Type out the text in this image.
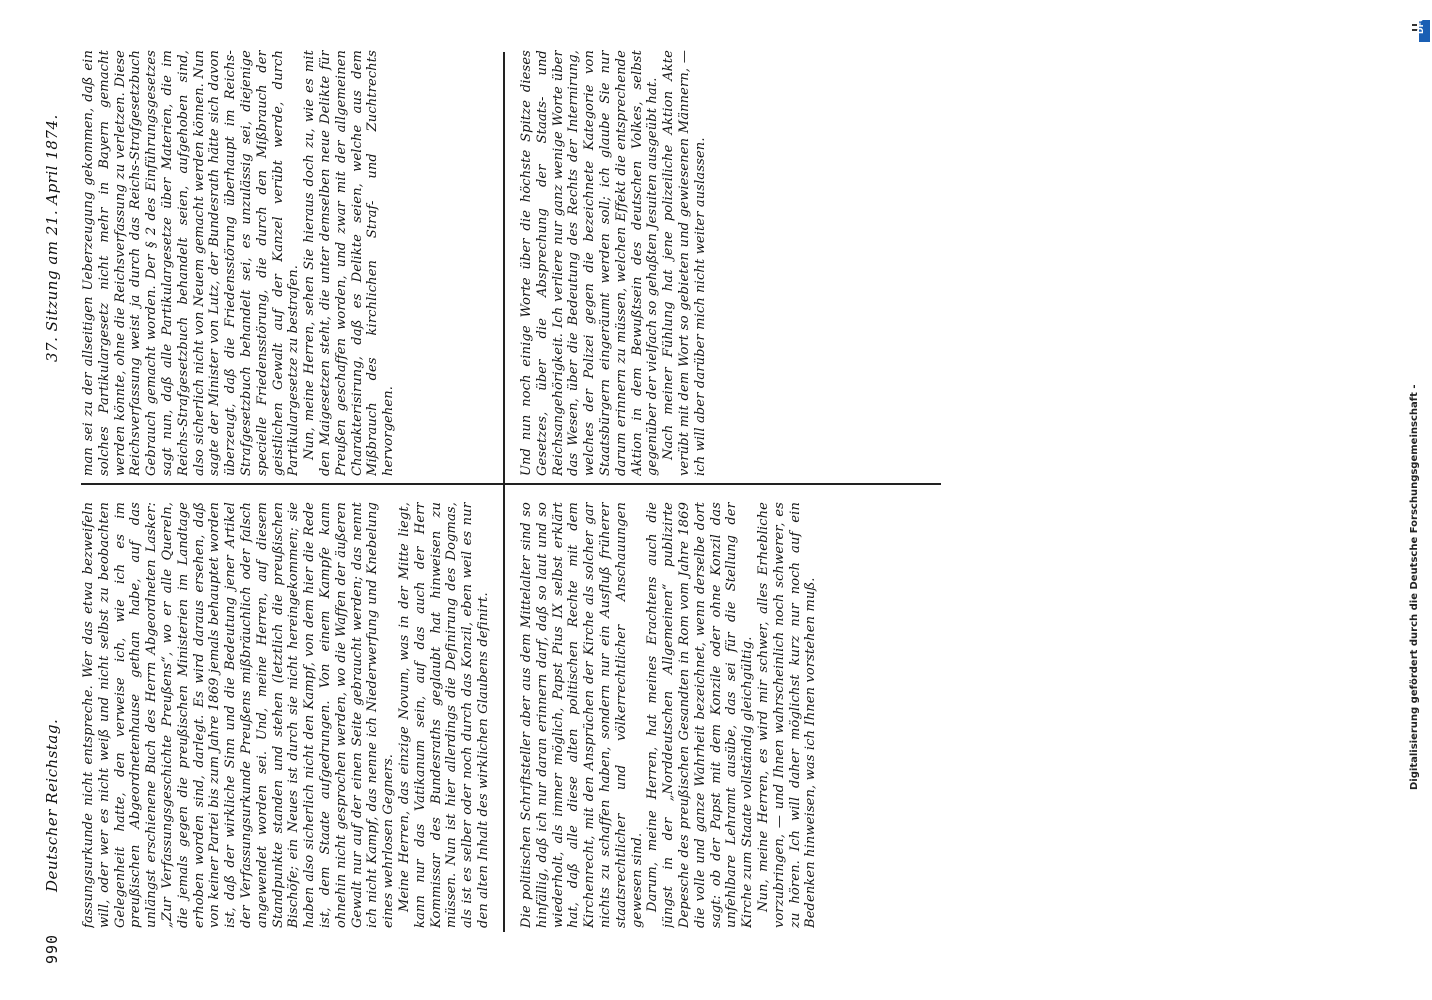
990
Deutscher Reichstag.
37. Sitzung am 21. April 1874.

fassungsurkunde nicht entspreche. Wer das etwa bezweifeln will, oder wer es nicht weiß und nicht selbst zu beobachten Gelegenheit hatte, den verweise ich, wie ich es im preußischen Abgeordnetenhause gethan habe, auf das unlängst erschienene Buch des Herrn Abgeordneten Lasker: „Zur Verfassungsgeschichte Preußens“, wo er alle Quereln, die jemals gegen die preußischen Ministerien im Landtage erhoben worden sind, darlegt. Es wird daraus ersehen, daß von keiner Partei bis zum Jahre 1869 jemals behauptet worden ist, daß der wirkliche Sinn und die Bedeutung jener Artikel der Verfassungsurkunde Preußens mißbräuchlich oder falsch angewendet worden sei. Und, meine Herren, auf diesem Standpunkte standen und stehen (letztlich die preußischen Bischöfe; ein Neues ist durch sie nicht hereingekommen; sie haben also sicherlich nicht den Kampf, von dem hier die Rede ist, dem Staate aufgedrungen. Von einem Kampfe kann ohnehin nicht gesprochen werden, wo die Waffen der äußeren Gewalt nur auf der einen Seite gebraucht werden; das nennt ich nicht Kampf, das nenne ich Niederwerfung und Knebelung eines wehrlosen Gegners. Meine Herren, das einzige Novum, was in der Mitte liegt, kann nur das Vatikanum sein, auf das auch der Herr Kommissar des Bundesraths geglaubt hat hinweisen zu müssen. Nun ist hier allerdings die Definirung des Dogmas, als ist es selber oder noch durch das Konzil, eben weil es nur den alten Inhalt des wirklichen Glaubens definirt.

man sei zu der allseitigen Ueberzeugung gekommen, daß ein solches Partikulargesetz nicht mehr in Bayern gemacht werden könnte, ohne die Reichsverfassung zu verletzen. Diese Reichsverfassung weist ja durch das Reichs-Strafgesetzbuch Gebrauch gemacht worden. Der § 2 des Einführungsgesetzes sagt nun, daß alle Partikulargesetze über Materien, die im Reichs-Strafgesetzbuch behandelt seien, aufgehoben sind, also sicherlich nicht von Neuem gemacht werden können. Nun sagte der Minister von Lutz, der Bundesrath hätte sich davon überzeugt, daß die Friedensstörung überhaupt im Reichs-Strafgesetzbuch behandelt sei, es unzulässig sei, diejenige specielle Friedensstörung, die durch den Mißbrauch der geistlichen Gewalt auf der Kanzel verübt werde, durch Partikulargesetze zu bestrafen. Nun, meine Herren, sehen Sie hieraus doch zu, wie es mit den Maigesetzen steht, die unter demselben neue Delikte für Preußen geschaffen worden, und zwar mit der allgemeinen Charakterisirung, daß es Delikte seien, welche aus dem Mißbrauch des kirchlichen Straf- und Zuchtrechts hervorgehen.

Die politischen Schriftsteller aber aus dem Mittelalter sind so hinfällig, daß ich nur daran erinnern darf, daß so laut und so wiederholt, als immer möglich, Papst Pius IX selbst erklärt hat, daß alle diese alten politischen Rechte mit dem Kirchenrecht, mit den Ansprüchen der Kirche als solcher gar nichts zu schaffen haben, sondern nur ein Ausfluß früherer staatsrechtlicher und völkerrechtlicher Anschauungen gewesen sind. Darum, meine Herren, hat meines Erachtens auch die jüngst in der „Norddeutschen Allgemeinen“ publizirte Depesche des preußischen Gesandten in Rom vom Jahre 1869 die volle und ganze Wahrheit bezeichnet, wenn derselbe dort sagt: ob der Papst mit dem Konzile oder ohne Konzil das unfehlbare Lehramt ausübe, das sei für die Stellung der Kirche zum Staate vollständig gleichgültig. Nun, meine Herren, es wird mir schwer, alles Erhebliche vorzubringen, — und Ihnen wahrscheinlich noch schwerer, es zu hören. Ich will daher möglichst kurz nur noch auf ein Bedenken hinweisen, was ich Ihnen vorstehen muß.

Und nun noch einige Worte über die höchste Spitze dieses Gesetzes, über die Absprechung der Staats- und Reichsangehörigkeit. Ich verliere nur ganz wenige Worte über das Wesen, über die Bedeutung des Rechts der Internirung, welches der Polizei gegen die bezeichnete Kategorie von Staatsbürgern eingeräumt werden soll; ich glaube Sie nur darum erinnern zu müssen, welchen Effekt die entsprechende Aktion in dem Bewußtsein des deutschen Volkes, selbst gegenüber der vielfach so gehaßten Jesuiten ausgeübt hat. Nach meiner Fühlung hat jene polizeiliche Aktion Akte verübt mit dem Wort so gebieten und gewiesenen Männern, — ich will aber darüber mich nicht weiter auslassen.

Digitalisierung gefördert durch die Deutsche Forschungsgemeinschaft -
DFG
